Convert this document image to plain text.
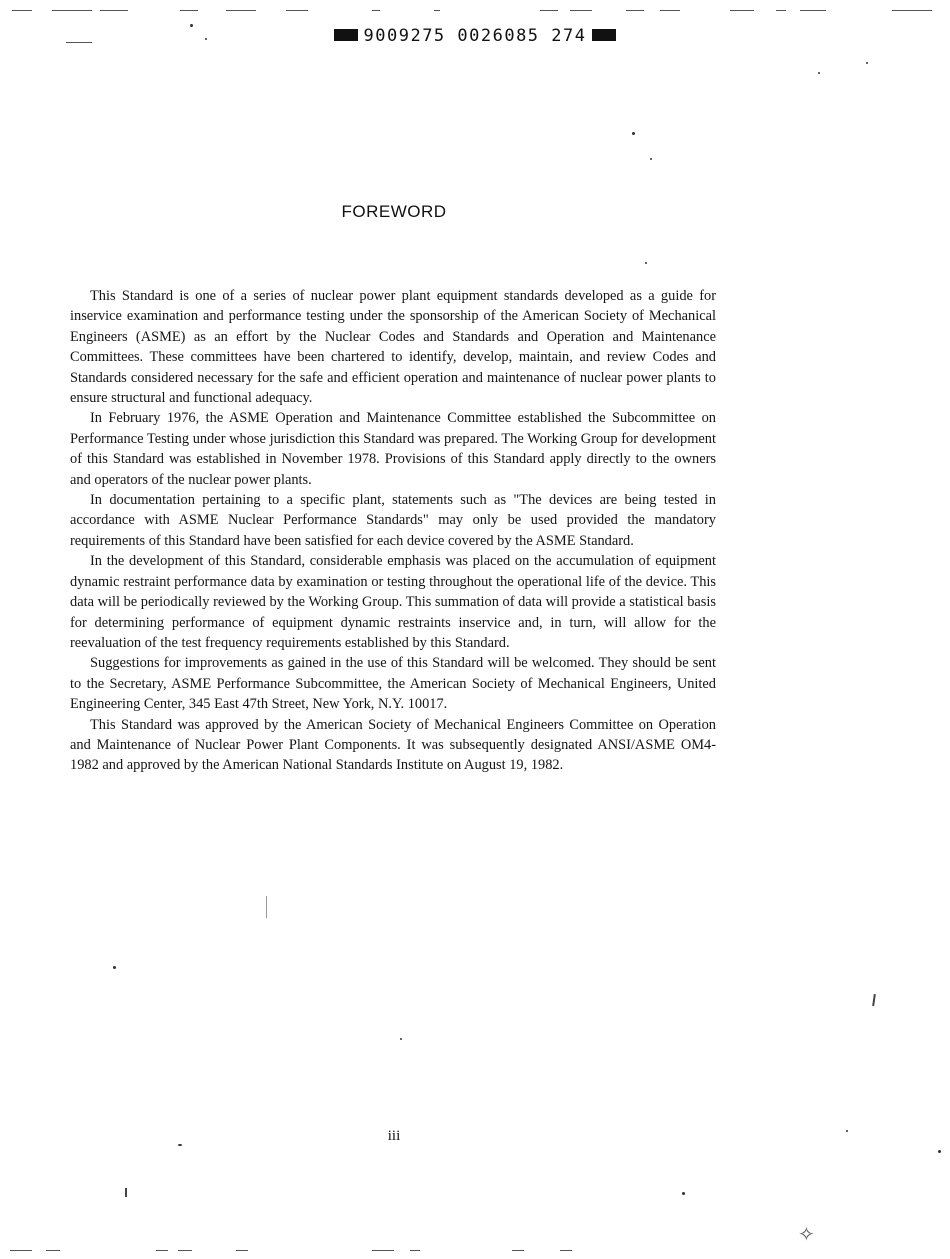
✧
9009275 0026085 274
FOREWORD

This Standard is one of a series of nuclear power plant equipment standards developed as a guide for inservice examination and performance testing under the sponsorship of the American Society of Mechanical Engineers (ASME) as an effort by the Nuclear Codes and Standards and Operation and Maintenance Committees. These committees have been chartered to identify, develop, maintain, and review Codes and Standards considered necessary for the safe and efficient operation and maintenance of nuclear power plants to ensure structural and functional adequacy.

In February 1976, the ASME Operation and Maintenance Committee established the Subcommittee on Performance Testing under whose jurisdiction this Standard was prepared. The Working Group for development of this Standard was established in November 1978. Provisions of this Standard apply directly to the owners and operators of the nuclear power plants.

In documentation pertaining to a specific plant, statements such as "The devices are being tested in accordance with ASME Nuclear Performance Standards" may only be used provided the mandatory requirements of this Standard have been satisfied for each device covered by the ASME Standard.

In the development of this Standard, considerable emphasis was placed on the accumulation of equipment dynamic restraint performance data by examination or testing throughout the operational life of the device. This data will be periodically reviewed by the Working Group. This summation of data will provide a statistical basis for determining performance of equipment dynamic restraints inservice and, in turn, will allow for the reevaluation of the test frequency requirements established by this Standard.

Suggestions for improvements as gained in the use of this Standard will be welcomed. They should be sent to the Secretary, ASME Performance Subcommittee, the American Society of Mechanical Engineers, United Engineering Center, 345 East 47th Street, New York, N.Y. 10017.

This Standard was approved by the American Society of Mechanical Engineers Committee on Operation and Maintenance of Nuclear Power Plant Components. It was subsequently designated ANSI/ASME OM4-1982 and approved by the American National Standards Institute on August 19, 1982.

iii
